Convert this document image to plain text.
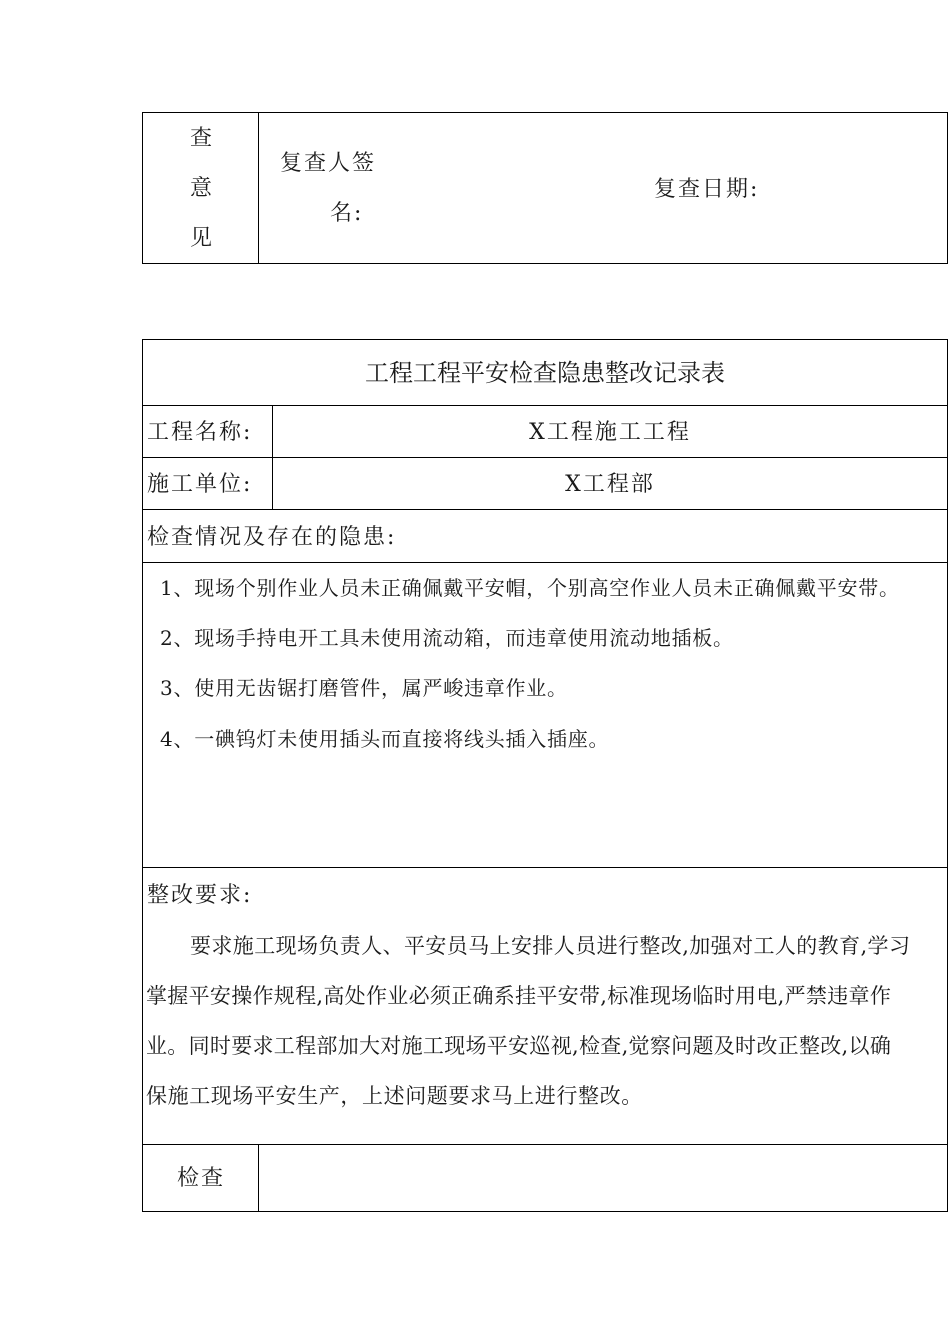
查
意
见
复查人签
名:
复查日期:
工程工程平安检查隐患整改记录表
工程名称:	X工程施工工程
施工单位:	X工程部
检查情况及存在的隐患:
1、现场个别作业人员未正确佩戴平安帽，个别高空作业人员未正确佩戴平安带。
2、现场手持电开工具未使用流动箱，而违章使用流动地插板。
3、使用无齿锯打磨管件，属严峻违章作业。
4、一碘钨灯未使用插头而直接将线头插入插座。
整改要求:
要求施工现场负责人、平安员马上安排人员进行整改,加强对工人的教育,学习
掌握平安操作规程,高处作业必须正确系挂平安带,标准现场临时用电,严禁违章作
业。同时要求工程部加大对施工现场平安巡视,检查,觉察问题及时改正整改,以确
保施工现场平安生产，上述问题要求马上进行整改。
检查
